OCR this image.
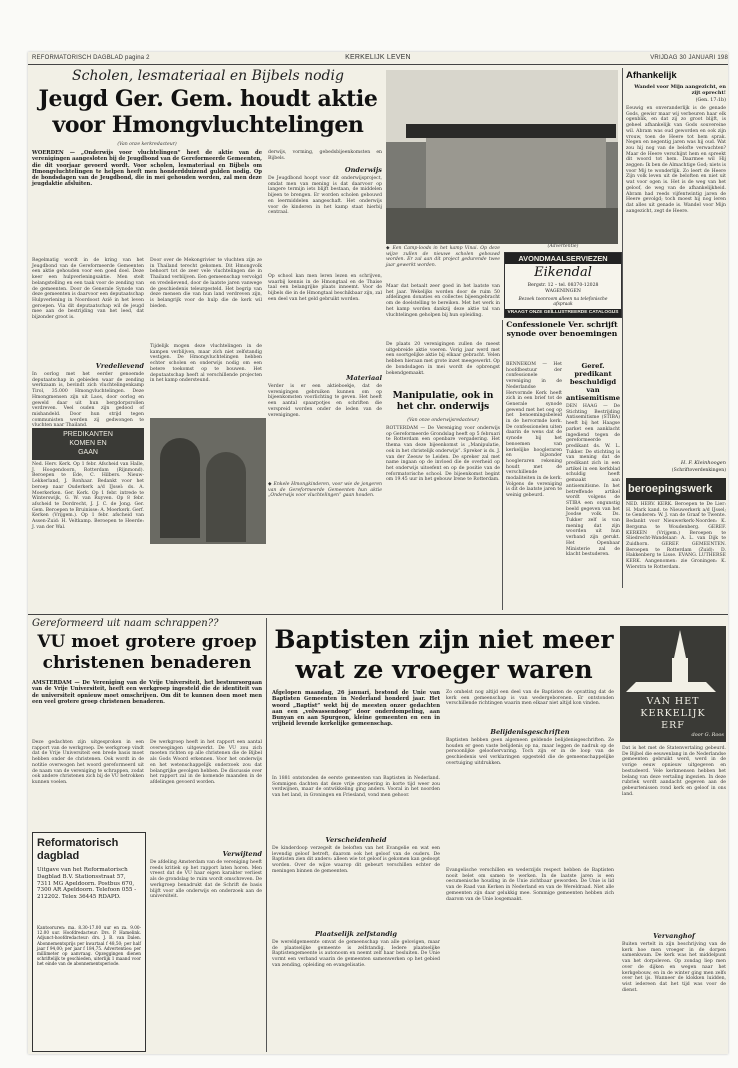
REFORMATORISCH DAGBLAD pagina 2	KERKELIJK LEVEN	VRIJDAG 30 JANUARI 198
Scholen, lesmateriaal en Bijbels nodig
Jeugd Ger. Gem. houdt aktie
voor Hmongvluchtelingen
(Van onze kerkredacteur)
WOERDEN — „Onderwijs voor vluchtelingen” heet de aktie van de verenigingen aangesloten bij de Jeugdbond van de Gereformeerde Gemeenten, die dit voorjaar gevoerd wordt. Voor scholen, lesmateriaal en Bijbels om Hmongvluchtelingen te helpen heeft men honderdduizend gulden nodig. Op de bondsdagen van de Jeugdbond, die in mei gehouden worden, zal men deze jeugdaktie afsluiten.
Regelmatig wordt in de kring van het Jeugdbond van de Gereformeerde Gemeenten een aktie gehouden voor een goed doel. Deze keer een hulpverleningsaktie. Men stelt belangstelling en een taak voor de zending van de gemeenten. Door de Generale Synode van deze gemeenten is daarvoor een deputaatschap Hulpverlening in Noordoost Azië in het leven geroepen. Via dit deputaatschap wil de jeugd mee aan de bestrijding van het leed, dat bijzonder groot is.
Vredelievend
In oorlog met het eerder genoemde deputaatschap in gebieden waar de zending werkzaam is, bevindt zich vluchtelingenkamp Tirol, 35.000 Hmongvluchtelingen. Deze Hmongmensen zijn uit Laos, door oorlog en geweld daar uit hun bergdorpsrollen verdreven. Veel ouden zijn gedood of mishandeld. Door hun strijd tegen communisten werden zij gedwongen te vluchten naar Thailand.
Door over de Mekongrivier te vluchten zijn ze in Thailand terecht gekomen. Dit Hmongvolk behoort tot de zeer vele vluchtelingen die in Thailand verblijven. Een gemeenschap vervolgd en vredelievend, door de laatste jaren vanwege de geschiedenis teleurgesteld. Het begrip van deze mensen die van hun land verdreven zijn, is belangrijk voor de hulp die de kerk wil bieden.
Tijdelijk mogen deze vluchtelingen in de kampen verblijven, maar zich niet zelfstandig vestigen. De Hmongvluchtelingen hebben echter scholen en onderwijs nodig om een betere toekomst op te bouwen. Het deputaatschap heeft al verschillende projecten in het kamp ondersteund.
derwijs, vorming, gebedsbijeenkomsten en Bijbels.
Onderwijs
De Jeugdbond hoopt voor dit onderwijsproject, omdat men van mening is dat daarvoor op langere termijn iets blijft bestaan, de middelen bijeen te brengen. Er worden scholen gebouwd en leermiddelen aangeschaft. Het onderwijs voor de kinderen in het kamp staat hierbij centraal.
Op school kan men leren lezen en schrijven, waarbij kennis in de Hmongtaal en de Thaise taal een belangrijke plaats inneemt. Voor de bijbels die in de Hmongtaal beschikbaar zijn, zal een deel van het geld gebruikt worden.
Materiaal
Verder is er een aktieboekje, dat de verenigingen gebruiken kunnen om op bijeenkomsten voorlichting te geven. Het heeft een aantal spaarpotjes en schriften die verspreid worden onder de leden van de verenigingen.
◆ Een Camp-loods in het kamp Vinai. Op deze wijze zullen de nieuwe scholen gebouwd worden. Er zal aan dit project gedurende twee jaar gewerkt worden.
(Advertentie)
AVONDMAALSERVIEZEN
Eikendal
Bergstr. 12 – tel. 08370-12028 WAGENINGEN
Bezoek toonroom alleen na telefonische afspraak
VRAAGT ONZE GEÏLLUSTREERDE CATALOGUS
Maar dat betaalt zeer goed in het laatste van het jaar. Wekelijks worden door de ruim 50 afdelingen donaties en collectes bijeengebracht om de doelstelling te bereiken. Met het werk in het kamp worden dankzij deze aktie tal van vluchtelingen geholpen bij hun opleiding.
De plaats 20 verenigingen zullen de meest uitgebreide aktie voeren. Vorig jaar werd met een soortgelijke aktie bij elkaar gebracht. Velen hebben hieraan met grote inzet meegewerkt. Op de bondsdagen in mei wordt de opbrengst bekendgemaakt.
PREDIKANTEN
KOMEN EN
GAAN
Ned. Herv. Kerk. Op 1 febr. Afscheid van Halle, J. Hoogendoorn, Rotterdam (Rijnmond). Beroepen te Ede, C. Hilbers. Nieuw-Lekkerland, J. Ronhaar. Bedankt voor het beroep naar Ouderkerk a/d IJssel: ds. A. Moerkerken. Ger. Kerk. Op 1 febr. intrede te Winterswijk, G. W. van Ruyven. Op 8 febr. afscheid te Dordrecht, J. J. C. de Jong. Ger. Gem. Beroepen te Bruinisse: A. Moerkerk. Gerf. Kerken (Vrijgem.). Op 1 febr. afscheid van Assen-Zuid: H. Veltkamp. Beroepen te Heerde: J. van der Wal.
◆ Enkele Hmongkinderen, voor wie de jongeren van de Gereformeerde Gemeenten hun aktie „Onderwijs voor vluchtelingen” gaan houden.
Manipulatie, ook in het chr. onderwijs
(Van onze onderwijsredacteur)
ROTTERDAM — De Vereniging voor onderwijs op Gereformeerde Grondslag heeft op 5 februari te Rotterdam een openbare vergadering. Het thema van deze bijeenkomst is „Manipulatie, ook in het christelijk onderwijs”. Spreker is ds. J. van der Zeeuw te Leiden. De spreker zal met name ingaan op de invloed die de overheid op het onderwijs uitoefent en op de positie van de reformatorische school. De bijeenkomst begint om 19.45 uur in het gebouw Irene te Rotterdam.
Confessionele Ver. schrijft synode over benoemingen
BENNEKOM — Het hoofdbestuur der confessionele vereniging in de Nederlandse Hervormde Kerk heeft zich in een brief tot de Generale synode gewend met het oog op het benoemingsbeleid in de hervormde kerk. De confessionelen uiten daarin de wens dat de synode bij het benoemen van kerkelijke hoogleraren en bijzonder hoogleraren rekening houdt met de verschillende modaliteiten in de kerk. Volgens de vereniging is dit de laatste jaren te weinig gebeurd.
Afhankelijk
Wandel voor Mijn aangezicht, en zijt oprecht!
(Gen. 17:1b)
Eeuwig en onveranderlijk is de genade Gods, gewisr maar wij verbeuren haar elk ogenblik, en dat zij zo groot blijft, is geheel afhankelijk van Gods souvereine wil. Abram was oud geworden en ook zijn vrouw, toen de Heere tot hem sprak. Negen en negentig jaren was hij oud. Wat zou hij nog van de belofte verwachten? Maar de Heere verschijnt hem en spreekt dit woord tot hem. Daarmee wil Hij zeggen: Ik ben de Almachtige God; niets is voor Mij te wonderlijk. Zo leert de Heere Zijn volk leven uit de beloften en niet uit wat voor ogen is. Het is de weg van het geloof, de weg van de afhankelijkheid. Abram had reeds vijfentwintig jaren de Heere gevolgd; toch moest hij nog leren dat alles uit genade is. Wandel voor Mijn aangezicht, zegt de Heere.
H. F. Kleinhoogen
(Schriftoverdenkingen)
beroepingswerk
NED. HERV. KERK. Beroepen te De Lier: H. Mark kand. te Nieuwerkerk a/d IJssel; te Genderen: W. J. van de Graaf te Twente. Bedankt voor Nieuwerkerk-Noorden: K. Bergsma te Woudenberg. GEREF. KERKEN (Vrijgem.) Beroepen te Sliedrecht-Wandelaar: A. L. van Dijk te Zuidhorn. GEREF. GEMEENTEN. Beroepen te Rotterdam (Zuid): D. Hakkenberg te Lisse. EVANG. LUTHERSE KERK. Aangenomen: zie Groningen: K. Wierstra te Rotterdam.
Gereformeerd uit naam schrappen??
VU moet grotere groep christenen benaderen
AMSTERDAM — De Vereniging van de Vrije Universiteit, het bestuursorgaan van de Vrije Universiteit, heeft een werkgroep ingesteld die de identiteit van de universiteit opnieuw moet omschrijven. Om dit te kunnen doen moet men een veel grotere groep christenen benaderen.
Deze gedachten zijn uitgesproken in een rapport van de werkgroep. De werkgroep vindt dat de Vrije Universiteit een brede basis moet hebben onder de christenen. Ook wordt in de notitie overwogen het woord gereformeerd uit de naam van de vereniging te schrappen, zodat ook andere christenen zich bij de VU betrokken kunnen voelen.
De werkgroep heeft in het rapport een aantal overwegingen uitgewerkt. De VU zou zich moeten richten op alle christenen die de Bijbel als Gods Woord erkennen. Voor het onderwijs en het wetenschappelijk onderzoek zou dat belangrijke gevolgen hebben. De discussie over het rapport zal in de komende maanden in de afdelingen gevoerd worden.
Verwijtend
De afdeling Amsterdam van de vereniging heeft reeds kritiek op het rapport laten horen. Men vreest dat de VU haar eigen karakter verliest als de grondslag te ruim wordt omschreven. De werkgroep benadrukt dat de Schrift de basis blijft voor alle onderwijs en onderzoek aan de universiteit.
Reformatorisch
dagblad
Uitgave van het Reformatorisch Dagblad B.V. Stationsstraat 57, 7311 MG Apeldoorn. Postbus 670, 7300 AR Apeldoorn. Telefoon 055 - 212202. Telex 36445 RDAPD.
Kantooruren: ma. 8.30-17.00 uur en za. 9.00-12.00 uur. Hoofdredacteur: Drs. P. Hamelink. Adjunct-hoofdredacteur: drs. J. B. van Dalen. Abonnementsprijs per kwartaal f 48,50; per half jaar f 94,00; per jaar f 184,75. Advertenties: per millimeter op aanvraag. Opzeggingen dienen schriftelijk te geschieden, uiterlijk 1 maand voor het einde van de abonnementsperiode.
Baptisten zijn niet meer
wat ze vroeger waren
Afgelopen maandag, 26 januari, bestond de Unie van Baptisten Gemeenten in Nederland honderd jaar. Het woord „Baptist” wekt bij de meesten onzer gedachten aan een „volwassendoop” door onderdompeling, aan Bunyan en aan Spurgeon, kleine gemeenten en een in vrijheid levende kerkelijke gemeenschap.
In 1881 ontstonden de eerste gemeenten van Baptisten in Nederland. Sommigen dachten dat deze vrije groepering in korte tijd weer zou verdwijnen, maar de ontwikkeling ging anders. Vooral in het noorden van het land, in Groningen en Friesland, vond men gehoor.
Verscheidenheid
De kinderdoop verzegelt de beloften van het Evangelie en wat een levendig geloof betreft, daarom ook het geloof van de ouders. De Baptisten zien dit anders: alleen wie tot geloof is gekomen kan gedoopt worden. Over de wijze waarop dit gebeurt verschillen echter de meningen binnen de gemeenten.
Plaatselijk zelfstandig
De wereldgemeente omvat de gemeenschap van alle gelovigen, maar de plaatselijke gemeente is zelfstandig. Iedere plaatselijke Baptistengemeente is autonoom en neemt zelf haar besluiten. De Unie vormt een verband waarin de gemeenten samenwerken op het gebied van zending, opleiding en evangelisatie.
Zo omhelst nog altijd een deel van de Baptisten de opvatting dat de kerk een gemeenschap is van wedergeborenen. Er ontstonden verschillende richtingen waarin men elkaar niet altijd kon vinden.
Belijdenisgeschriften
Baptisten hebben geen algemeen geldende belijdenisgeschriften. Ze houden er geen vaste belijdenis op na, maar leggen de nadruk op de persoonlijke geloofservaring. Toch zijn er in de loop van de geschiedenis wel verklaringen opgesteld die de gemeenschappelijke overtuiging uitdrukken.
Evangelische verschillen en wederzijds respect hebben de Baptisten nooit belet om samen te werken. In de laatste jaren is een oecumenische houding in de Unie zichtbaar geworden. De Unie is lid van de Raad van Kerken in Nederland en van de Wereldraad. Niet alle gemeenten zijn daar gelukkig mee. Sommige gemeenten hebben zich daarom van de Unie losgemaakt.
VAN HET
KERKELIJK
ERF
door G. Roos
Dat is het met de Statenvertaling gebeurd. De Bijbel die eeuwenlang in de Nederlandse gemeenten gebruikt werd, werd in de vorige eeuw opnieuw uitgegeven en bestudeerd. Vele kerkmensen hebben het belang van deze vertaling ingezien. In deze rubriek wordt aandacht gegeven aan de gebeurtenissen rond kerk en geloof in ons land.
Vervanghof
Buiten vertelt in zijn beschrijving van de kerk hoe men vroeger in de dorpen samenkwam. De kerk was het middelpunt van het dorpsleven. Op zondag liep men over de dijken en wegen naar het kerkgebouw, en in de winter ging men zelfs over het ijs. Wanneer de klokken luidden, wist iedereen dat het tijd was voor de dienst.
Geref. predikant beschuldigd van antisemitisme
DEN HAAG — De Stichting Bestrijding Antisemitisme (STIBA) heeft bij het Haagse parket een aanklacht ingediend tegen de gereformeerde predikant ds. W. L. Tukker. De stichting is van mening dat de predikant zich in een artikel in een kerkblad schuldig heeft gemaakt aan antisemitisme. In het betreffende artikel wordt volgens de STIBA een ongunstig beeld gegeven van het Joodse volk. Ds. Tukker zelf is van mening dat zijn woorden uit hun verband zijn gerukt. Het Openbaar Ministerie zal de klacht bestuderen.
